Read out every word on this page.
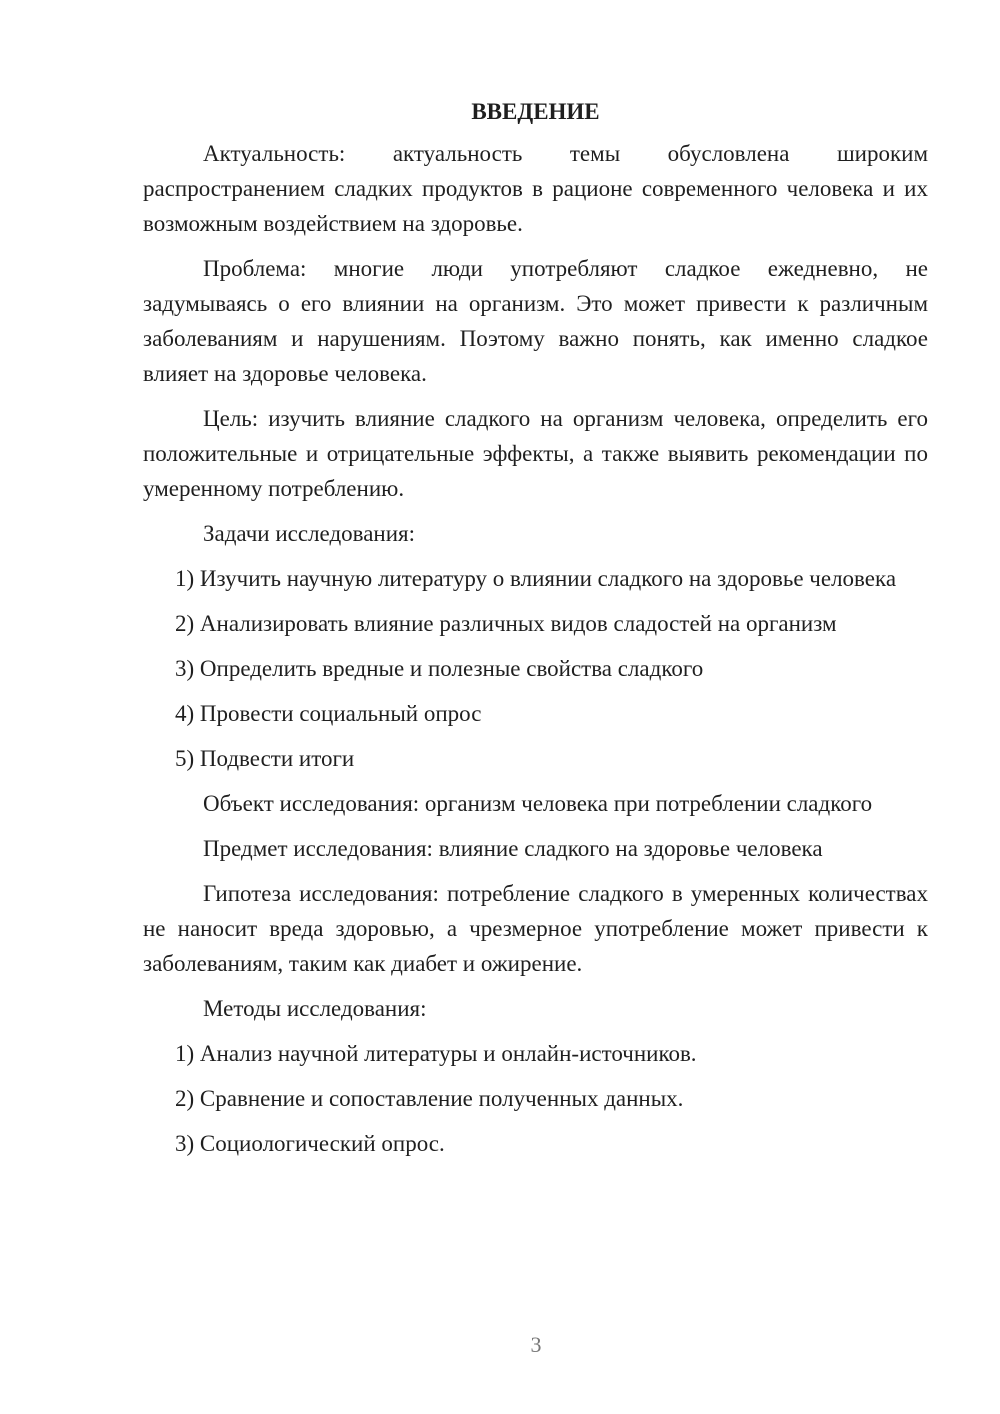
ВВЕДЕНИЕ

Актуальность: актуальность темы обусловлена широким распространением сладких продуктов в рационе современного человека и их возможным воздействием на здоровье.

Проблема: многие люди употребляют сладкое ежедневно, не задумываясь о его влиянии на организм. Это может привести к различным заболеваниям и нарушениям. Поэтому важно понять, как именно сладкое влияет на здоровье человека.

Цель: изучить влияние сладкого на организм человека, определить его положительные и отрицательные эффекты, а также выявить рекомендации по умеренному потреблению.

Задачи исследования:

1) Изучить научную литературу о влиянии сладкого на здоровье человека

2) Анализировать влияние различных видов сладостей на организм

3) Определить вредные и полезные свойства сладкого

4) Провести социальный опрос

5) Подвести итоги

Объект исследования: организм человека при потреблении сладкого

Предмет исследования: влияние сладкого на здоровье человека

Гипотеза исследования: потребление сладкого в умеренных количествах не наносит вреда здоровью, а чрезмерное употребление может привести к заболеваниям, таким как диабет и ожирение.

Методы исследования:

1) Анализ научной литературы и онлайн-источников.

2) Сравнение и сопоставление полученных данных.

3) Социологический опрос.

3
